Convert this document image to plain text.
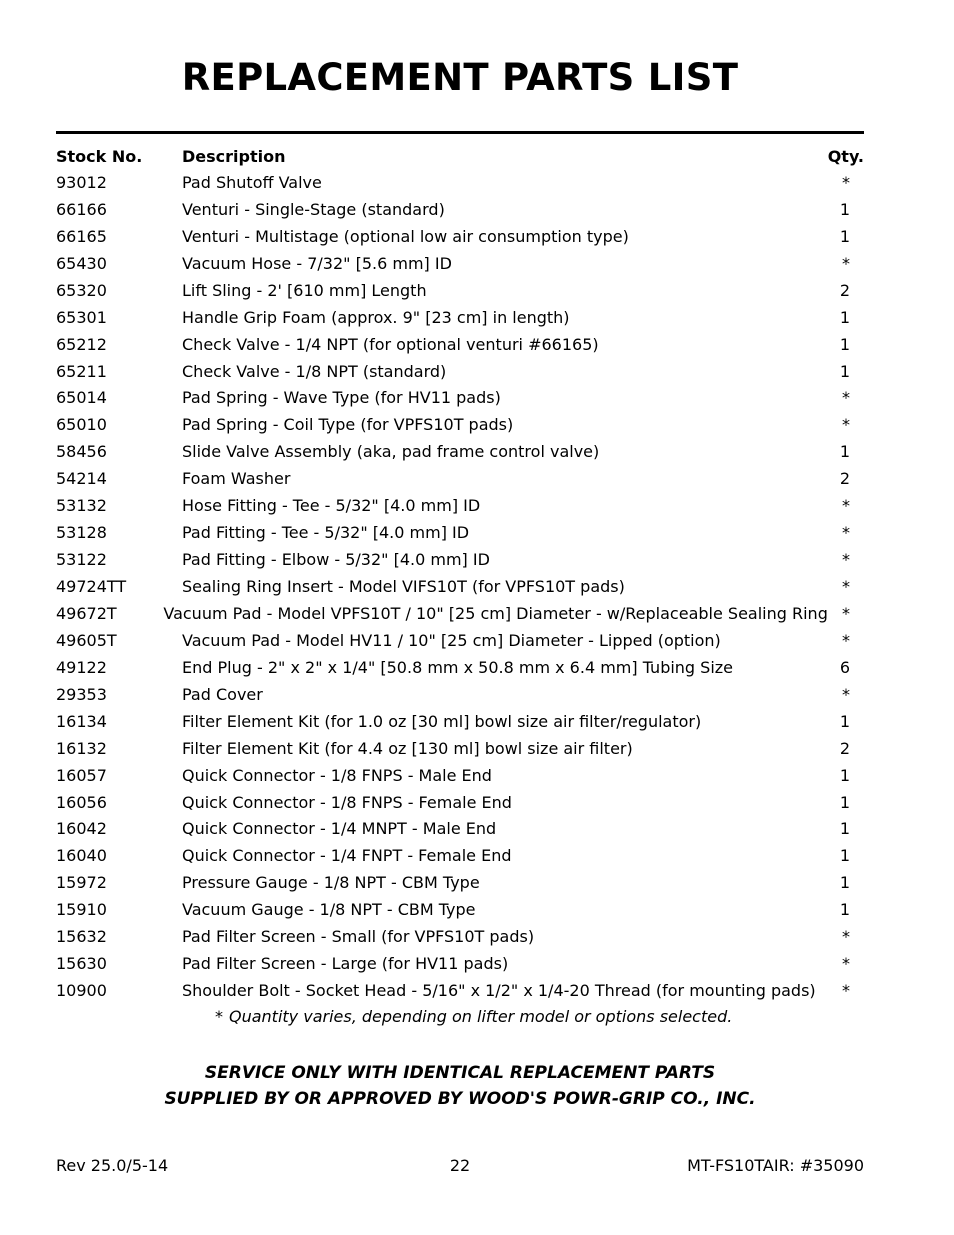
REPLACEMENT PARTS LIST
Stock No.	Description	Qty.
93012	Pad Shutoff Valve	*
66166	Venturi - Single-Stage (standard)	1
66165	Venturi - Multistage (optional low air consumption type)	1
65430	Vacuum Hose - 7/32" [5.6 mm] ID	*
65320	Lift Sling - 2' [610 mm] Length	2
65301	Handle Grip Foam (approx. 9" [23 cm] in length)	1
65212	Check Valve - 1/4 NPT (for optional venturi #66165)	1
65211	Check Valve - 1/8 NPT (standard)	1
65014	Pad Spring - Wave Type (for HV11 pads)	*
65010	Pad Spring - Coil Type (for VPFS10T pads)	*
58456	Slide Valve Assembly (aka, pad frame control valve)	1
54214	Foam Washer	2
53132	Hose Fitting - Tee - 5/32" [4.0 mm] ID	*
53128	Pad Fitting - Tee - 5/32" [4.0 mm] ID	*
53122	Pad Fitting - Elbow - 5/32" [4.0 mm] ID	*
49724TT	Sealing Ring Insert - Model VIFS10T (for VPFS10T pads)	*
49672T	Vacuum Pad - Model VPFS10T / 10" [25 cm] Diameter - w/Replaceable Sealing Ring *
49605T	Vacuum Pad - Model HV11 / 10" [25 cm] Diameter - Lipped (option)	*
49122	End Plug - 2" x 2" x 1/4" [50.8 mm x 50.8 mm x 6.4 mm] Tubing Size	6
29353	Pad Cover	*
16134	Filter Element Kit (for 1.0 oz [30 ml] bowl size air filter/regulator)	1
16132	Filter Element Kit (for 4.4 oz [130 ml] bowl size air filter)	2
16057	Quick Connector - 1/8 FNPS - Male End	1
16056	Quick Connector - 1/8 FNPS - Female End	1
16042	Quick Connector - 1/4 MNPT - Male End	1
16040	Quick Connector - 1/4 FNPT - Female End	1
15972	Pressure Gauge - 1/8 NPT - CBM Type	1
15910	Vacuum Gauge - 1/8 NPT - CBM Type	1
15632	Pad Filter Screen - Small (for VPFS10T pads)	*
15630	Pad Filter Screen - Large (for HV11 pads)	*
10900	Shoulder Bolt - Socket Head - 5/16" x 1/2" x 1/4-20 Thread (for mounting pads)	*
* Quantity varies, depending on lifter model or options selected.
SERVICE ONLY WITH IDENTICAL REPLACEMENT PARTS
SUPPLIED BY OR APPROVED BY WOOD'S POWR-GRIP CO., INC.
Rev 25.0/5-14	22	MT-FS10TAIR: #35090
